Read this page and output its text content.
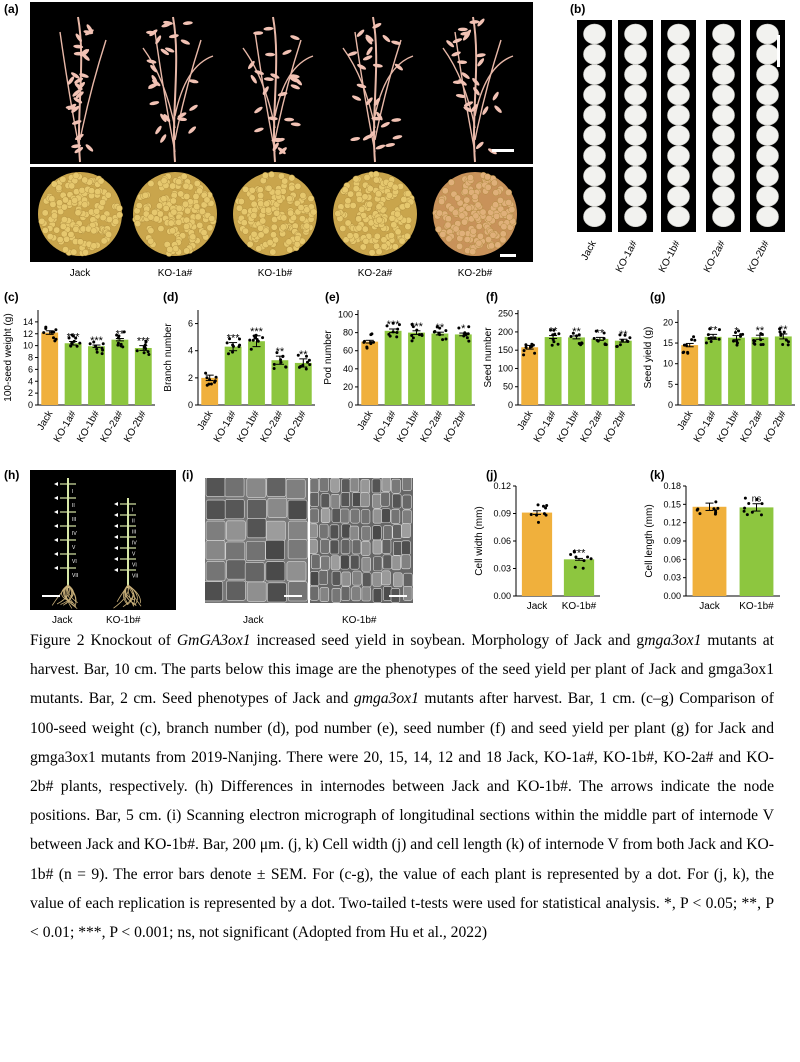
(a)
Jack	KO-1a#	KO-1b#	KO-2a#	KO-2b#
(b)
Jack	KO-1a#	KO-1b#	KO-2a#	KO-2b#
(c)	(d)	(e)	(f)	(g)
0
2
4
6
8
10
12
14
100-seed weight (g)
Jack
***
KO-1a#
***
KO-1b#
**
KO-2a#
***
KO-2b#
0
2
4
6
Branch number
Jack
***
KO-1a#
***
KO-1b#
**
KO-2a#
**
KO-2b#
0
20
40
60
80
100
Pod number
Jack
***
KO-1a#
***
KO-1b#
**
KO-2a#
*
KO-2b#
0
50
100
150
200
250
Seed number
Jack
**
KO-1a#
**
KO-1b#
**
KO-2a#
**
KO-2b#
0
5
10
15
20
Seed yield (g)
Jack
**
KO-1a#
*
KO-1b#
**
KO-2a#
**
KO-2b#
(h)
I
II
III
IV
V
VI
VII
I
II
III
IV
V
VI
VII
Jack	KO-1b#
(i)
Jack	KO-1b#
(j)	(k)
0.00
0.03
0.06
0.09
0.12
Cell width (mm)
Jack
***
KO-1b#
0.00
0.03
0.06
0.09
0.12
0.15
0.18
Cell length (mm)
Jack
ns
KO-1b#
Figure 2 Knockout of GmGA3ox1 increased seed yield in soybean. Morphology of Jack and gmga3ox1 mutants at harvest. Bar, 10 cm. The parts below this image are the phenotypes of the seed yield per plant of Jack and gmga3ox1 mutants. Bar, 2 cm. Seed phenotypes of Jack and gmga3ox1 mutants after harvest. Bar, 1 cm. (c–g) Comparison of 100-seed weight (c), branch number (d), pod number (e), seed number (f) and seed yield per plant (g) for Jack and gmga3ox1 mutants from 2019-Nanjing. There were 20, 15, 14, 12 and 18 Jack, KO-1a#, KO-1b#, KO-2a# and KO-2b# plants, respectively. (h) Differences in internodes between Jack and KO-1b#. The arrows indicate the node positions. Bar, 5 cm. (i) Scanning electron micrograph of longitudinal sections within the middle part of internode V between Jack and KO-1b#. Bar, 200 μm. (j, k) Cell width (j) and cell length (k) of internode V from both Jack and KO-1b# (n = 9). The error bars denote ± SEM. For (c-g), the value of each plant is represented by a dot. For (j, k), the value of each replication is represented by a dot. Two-tailed t-tests were used for statistical analysis. *, P < 0.05; **, P < 0.01; ***, P < 0.001; ns, not significant (Adopted from Hu et al., 2022)
